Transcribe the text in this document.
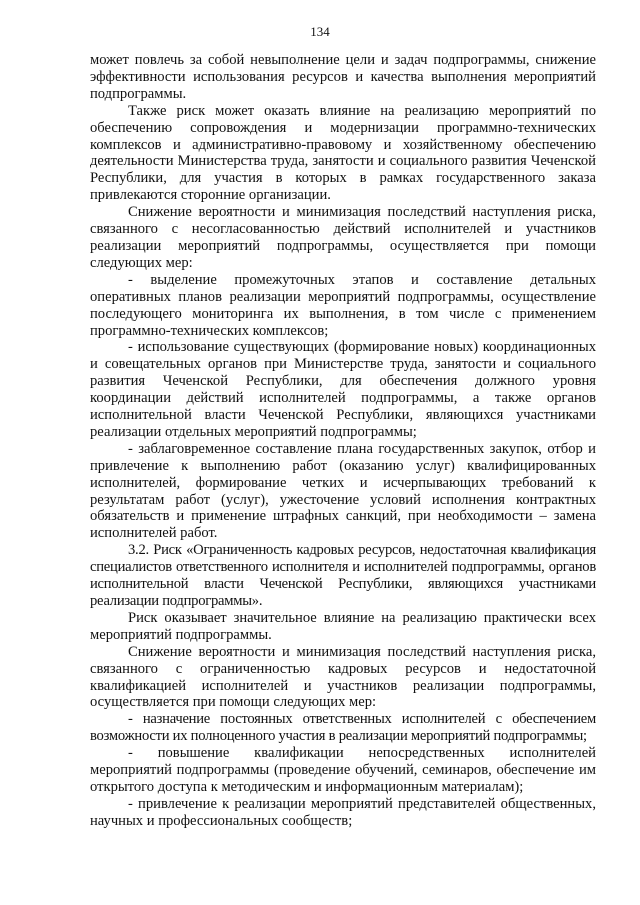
134

может повлечь за собой невыполнение цели и задач подпрограммы, снижение эффективности использования ресурсов и качества выполнения мероприятий подпрограммы.

Также риск может оказать влияние на реализацию мероприятий по обеспечению сопровождения и модернизации программно-технических комплексов и административно-правовому и хозяйственному обеспечению деятельности Министерства труда, занятости и социального развития Чеченской Республики, для участия в которых в рамках государственного заказа привлекаются сторонние организации.

Снижение вероятности и минимизация последствий наступления риска, связанного с несогласованностью действий исполнителей и участников реализации мероприятий подпрограммы, осуществляется при помощи следующих мер:

- выделение промежуточных этапов и составление детальных оперативных планов реализации мероприятий подпрограммы, осуществление последующего мониторинга их выполнения, в том числе с применением программно-технических комплексов;

- использование существующих (формирование новых) координационных и совещательных органов при Министерстве труда, занятости и социального развития Чеченской Республики, для обеспечения должного уровня координации действий исполнителей подпрограммы, а также органов исполнительной власти Чеченской Республики, являющихся участниками реализации отдельных мероприятий подпрограммы;

- заблаговременное составление плана государственных закупок, отбор и привлечение к выполнению работ (оказанию услуг) квалифицированных исполнителей, формирование четких и исчерпывающих требований к результатам работ (услуг), ужесточение условий исполнения контрактных обязательств и применение штрафных санкций, при необходимости – замена исполнителей работ.

3.2. Риск «Ограниченность кадровых ресурсов, недостаточная квалификация специалистов ответственного исполнителя и исполнителей подпрограммы, органов исполнительной власти Чеченской Республики, являющихся участниками реализации подпрограммы».

Риск оказывает значительное влияние на реализацию практически всех мероприятий подпрограммы.

Снижение вероятности и минимизация последствий наступления риска, связанного с ограниченностью кадровых ресурсов и недостаточной квалификацией исполнителей и участников реализации подпрограммы, осуществляется при помощи следующих мер:

- назначение постоянных ответственных исполнителей с обеспечением возможности их полноценного участия в реализации мероприятий подпрограммы;

- повышение квалификации непосредственных исполнителей мероприятий подпрограммы (проведение обучений, семинаров, обеспечение им открытого доступа к методическим и информационным материалам);

- привлечение к реализации мероприятий представителей общественных, научных и профессиональных сообществ;
